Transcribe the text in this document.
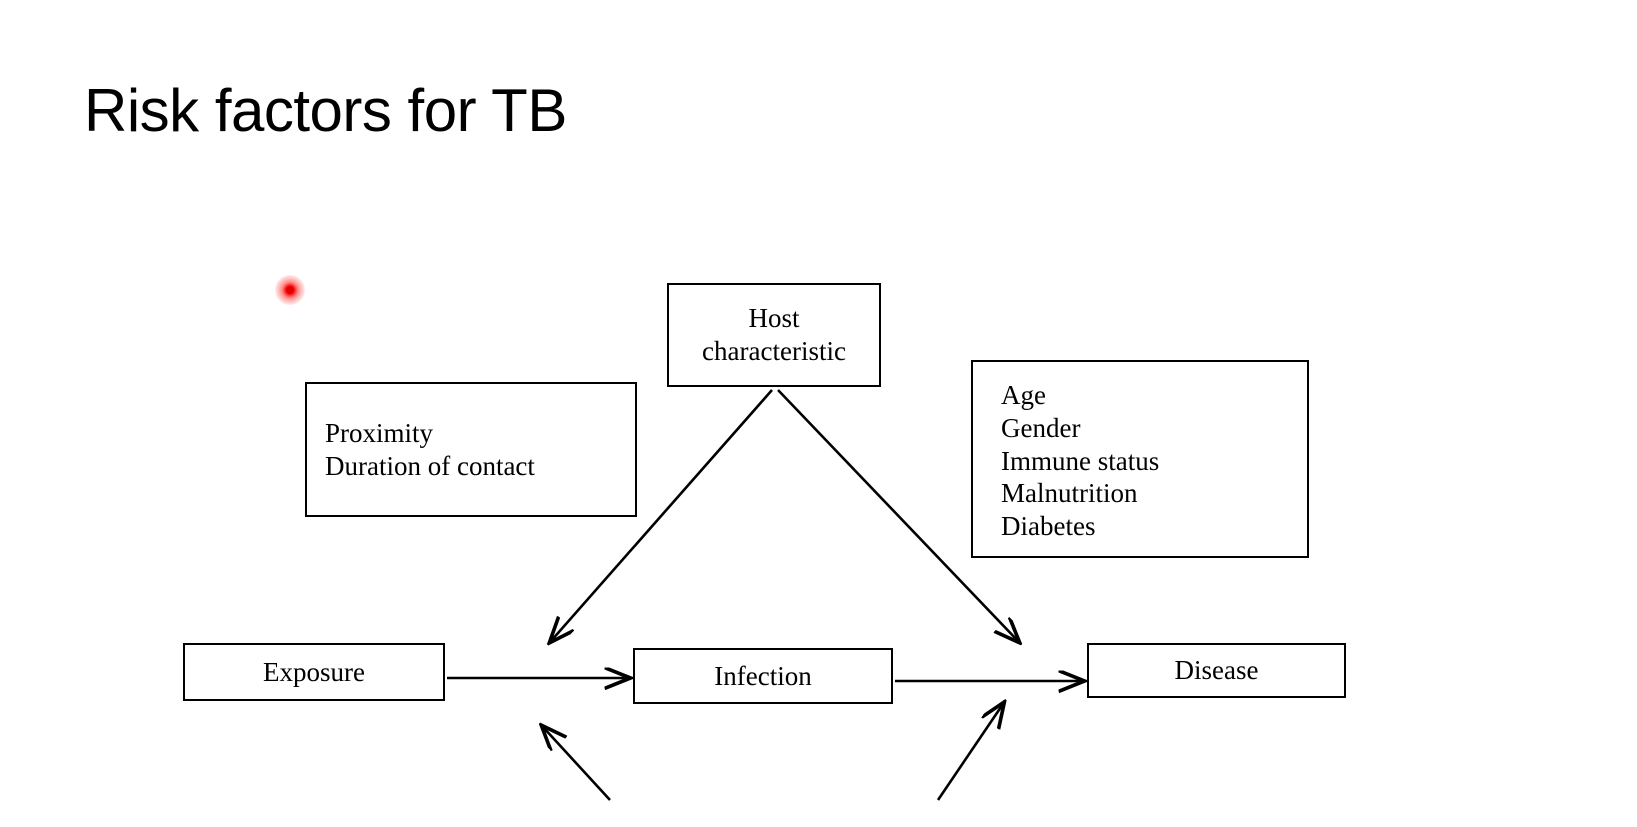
Risk factors for TB
Host
characteristic
Proximity
Duration of contact
Age
Gender
Immune status
Malnutrition
Diabetes
Exposure	Infection	Disease
